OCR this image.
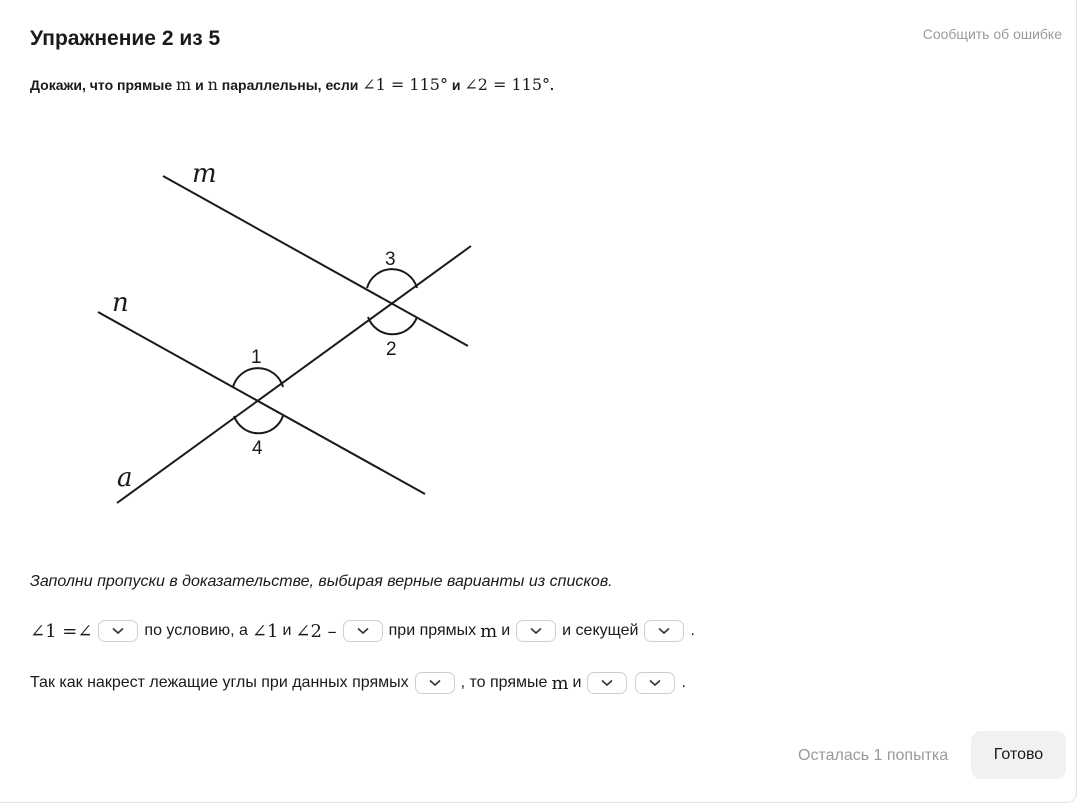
Упражнение 2 из 5	Сообщить об ошибке
Докажи, что прямые m и n параллельны, если ∠1 = 115° и ∠2 = 115°.
m
n
a
3
2
1
4
Заполни пропуски в доказательстве, выбирая верные варианты из списков.
∠1 =∠	по условию, а ∠1 и ∠2 –	при прямых m и	и секущей	.
Так как накрест лежащие углы при данных прямых	, то прямые m и	.
Осталась 1 попытка	Готово
